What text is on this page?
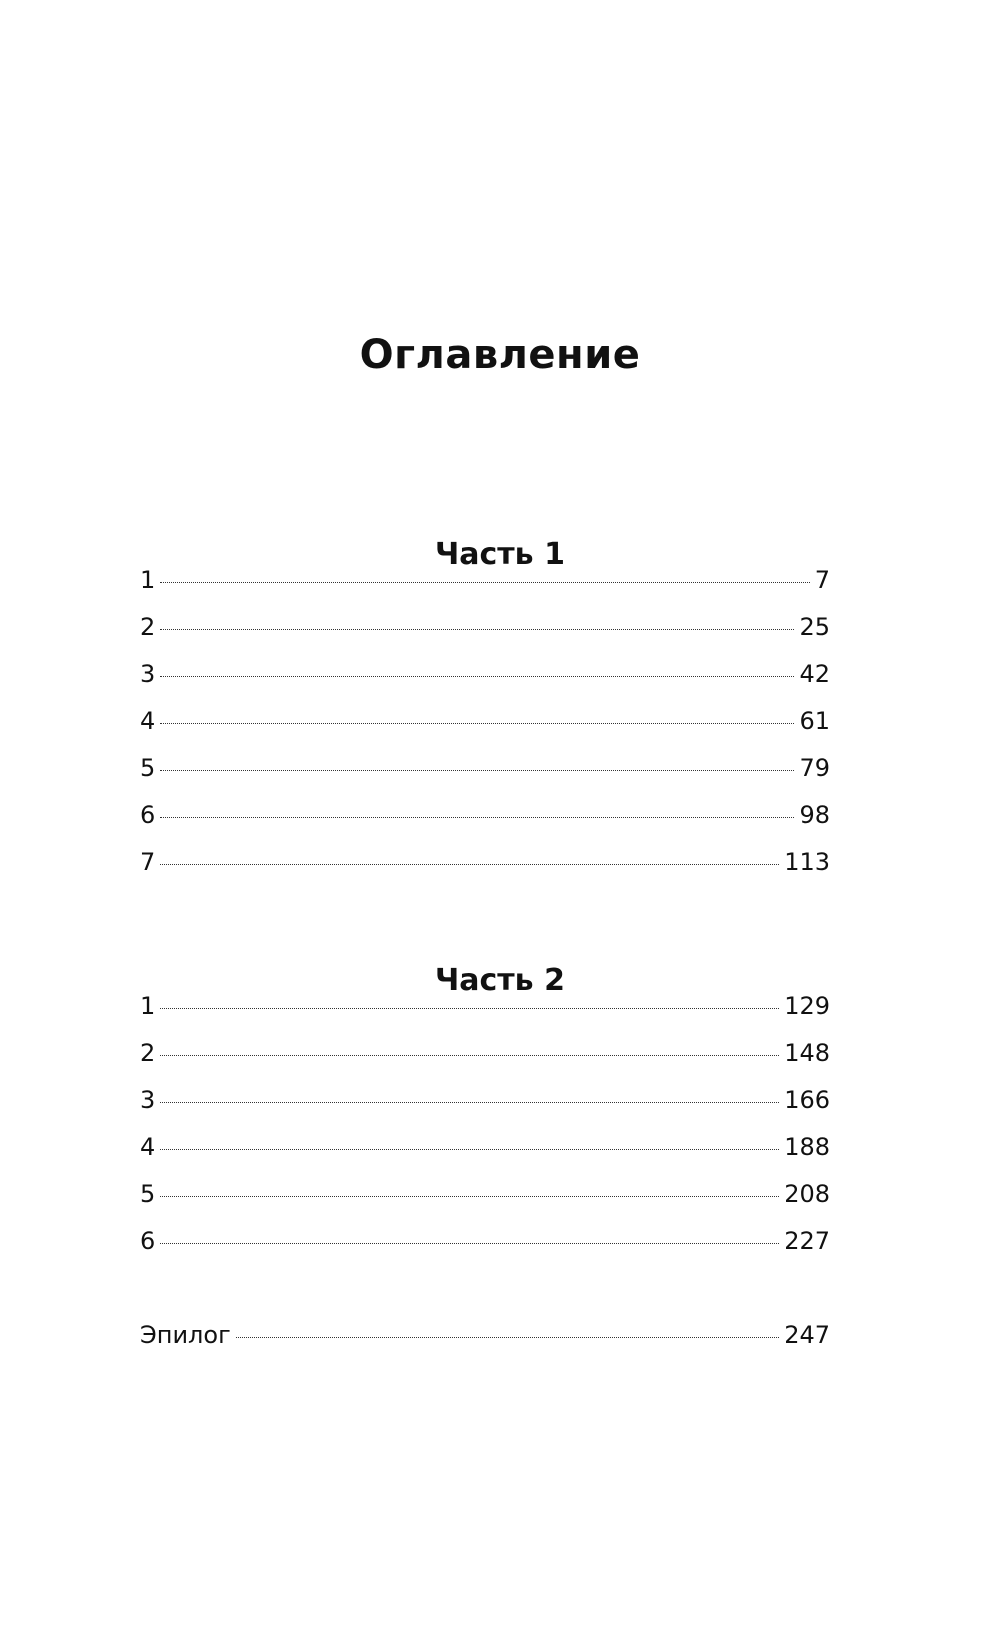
Оглавление
Часть 1
1	7
2	25
3	42
4	61
5	79
6	98
7	113
Часть 2
1	129
2	148
3	166
4	188
5	208
6	227
Эпилог	247
